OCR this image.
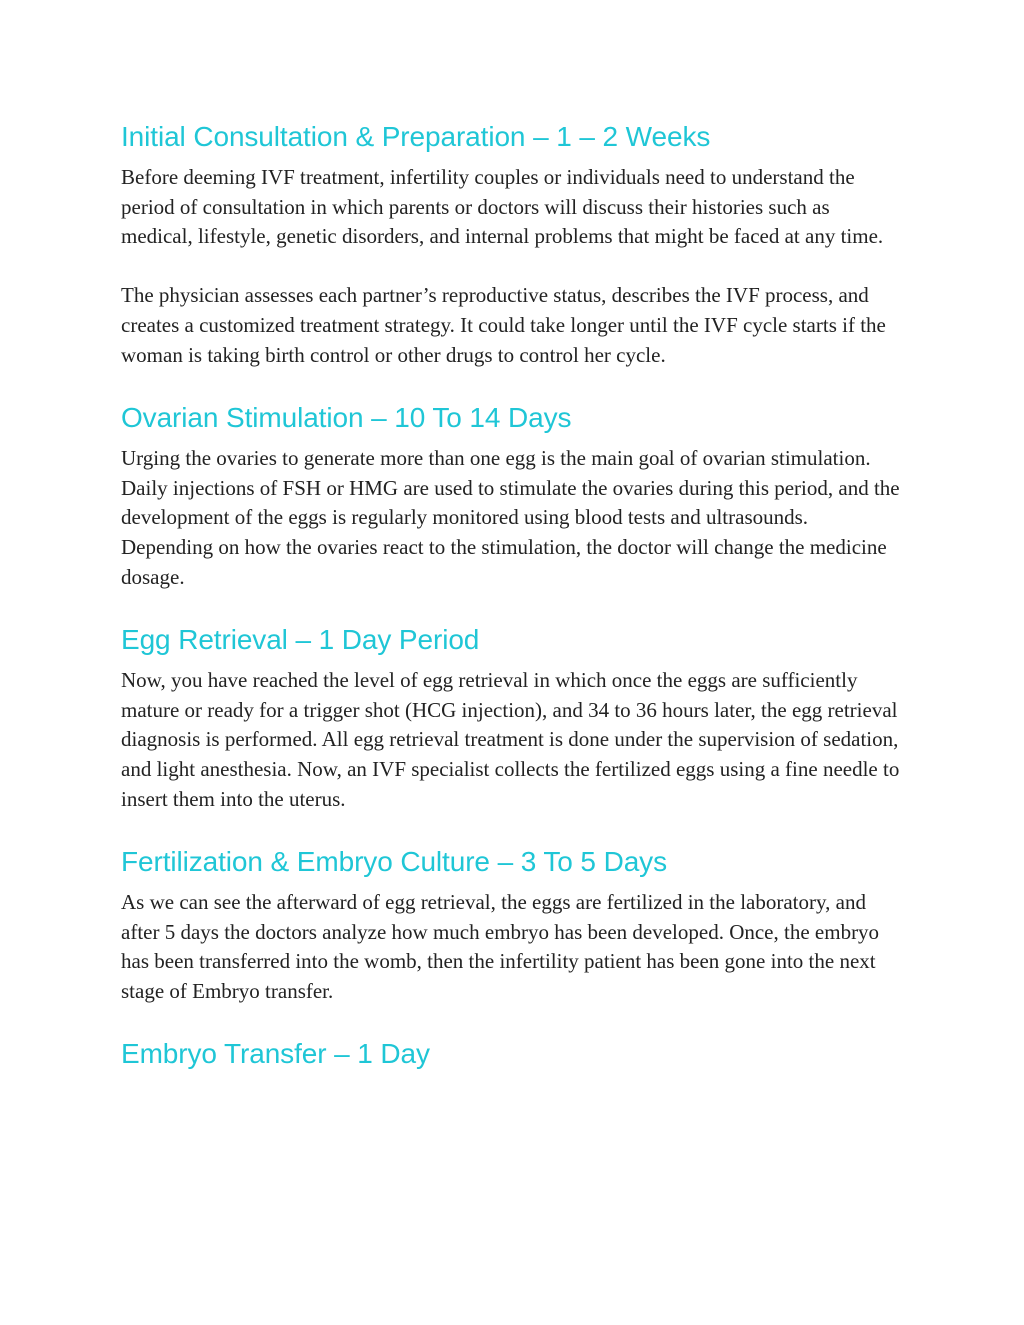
Initial Consultation & Preparation – 1 – 2 Weeks

Before deeming IVF treatment, infertility couples or individuals need to understand the period of consultation in which parents or doctors will discuss their histories such as medical, lifestyle, genetic disorders, and internal problems that might be faced at any time.

The physician assesses each partner’s reproductive status, describes the IVF process, and creates a customized treatment strategy. It could take longer until the IVF cycle starts if the woman is taking birth control or other drugs to control her cycle.

Ovarian Stimulation – 10 To 14 Days

Urging the ovaries to generate more than one egg is the main goal of ovarian stimulation. Daily injections of FSH or HMG are used to stimulate the ovaries during this period, and the development of the eggs is regularly monitored using blood tests and ultrasounds. Depending on how the ovaries react to the stimulation, the doctor will change the medicine dosage.

Egg Retrieval – 1 Day Period

Now, you have reached the level of egg retrieval in which once the eggs are sufficiently mature or ready for a trigger shot (HCG injection), and 34 to 36 hours later, the egg retrieval diagnosis is performed. All egg retrieval treatment is done under the supervision of sedation, and light anesthesia. Now, an IVF specialist collects the fertilized eggs using a fine needle to insert them into the uterus.

Fertilization & Embryo Culture – 3 To 5 Days

As we can see the afterward of egg retrieval, the eggs are fertilized in the laboratory, and after 5 days the doctors analyze how much embryo has been developed. Once, the embryo has been transferred into the womb, then the infertility patient has been gone into the next stage of Embryo transfer.

Embryo Transfer – 1 Day
